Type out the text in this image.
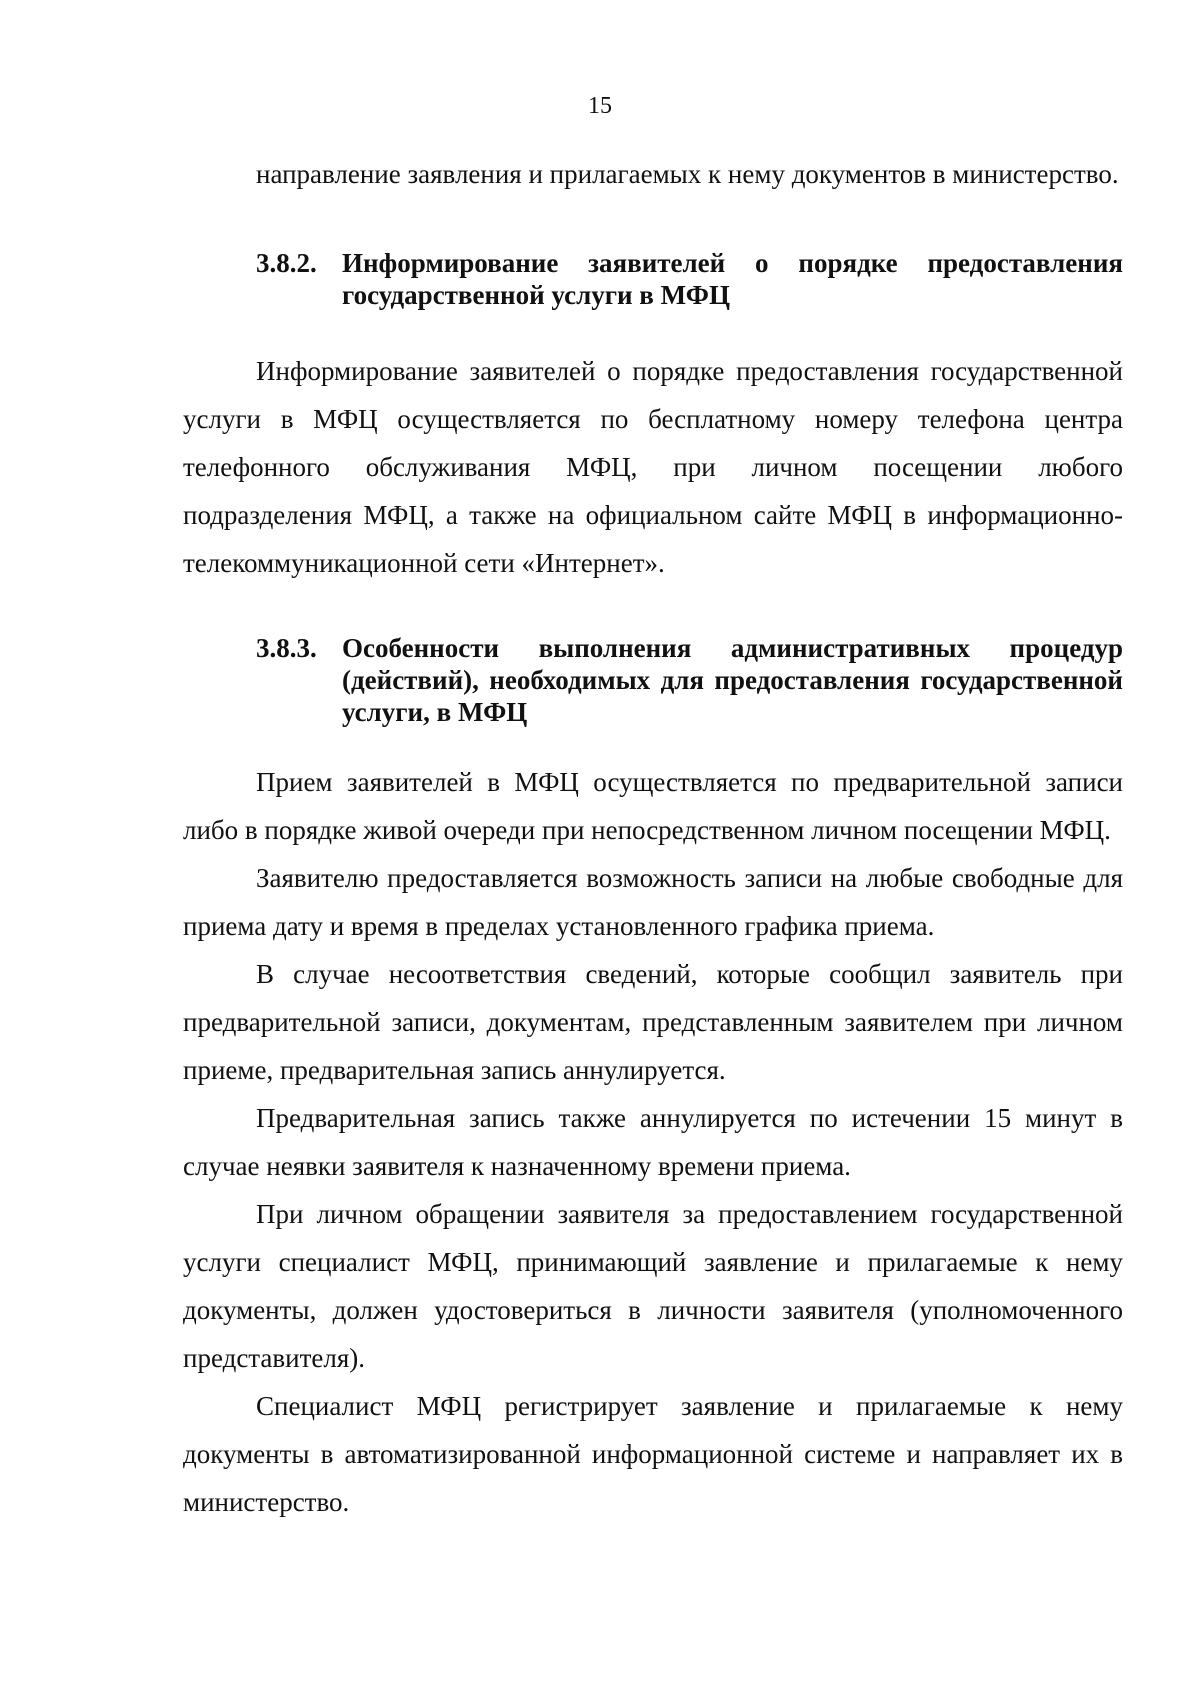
15

направление заявления и прилагаемых к нему документов в министерство.

3.8.2. Информирование заявителей о порядке предоставления государственной услуги в МФЦ

Информирование заявителей о порядке предоставления государственной услуги в МФЦ осуществляется по бесплатному номеру телефона центра телефонного обслуживания МФЦ, при личном посещении любого подразделения МФЦ, а также на официальном сайте МФЦ в информационно-телекоммуникационной сети «Интернет».

3.8.3. Особенности выполнения административных процедур (действий), необходимых для предоставления государственной услуги, в МФЦ

Прием заявителей в МФЦ осуществляется по предварительной записи либо в порядке живой очереди при непосредственном личном посещении МФЦ.

Заявителю предоставляется возможность записи на любые свободные для приема дату и время в пределах установленного графика приема.

В случае несоответствия сведений, которые сообщил заявитель при предварительной записи, документам, представленным заявителем при личном приеме, предварительная запись аннулируется.

Предварительная запись также аннулируется по истечении 15 минут в случае неявки заявителя к назначенному времени приема.

При личном обращении заявителя за предоставлением государственной услуги специалист МФЦ, принимающий заявление и прилагаемые к нему документы, должен удостовериться в личности заявителя (уполномоченного представителя).

Специалист МФЦ регистрирует заявление и прилагаемые к нему документы в автоматизированной информационной системе и направляет их в министерство.
